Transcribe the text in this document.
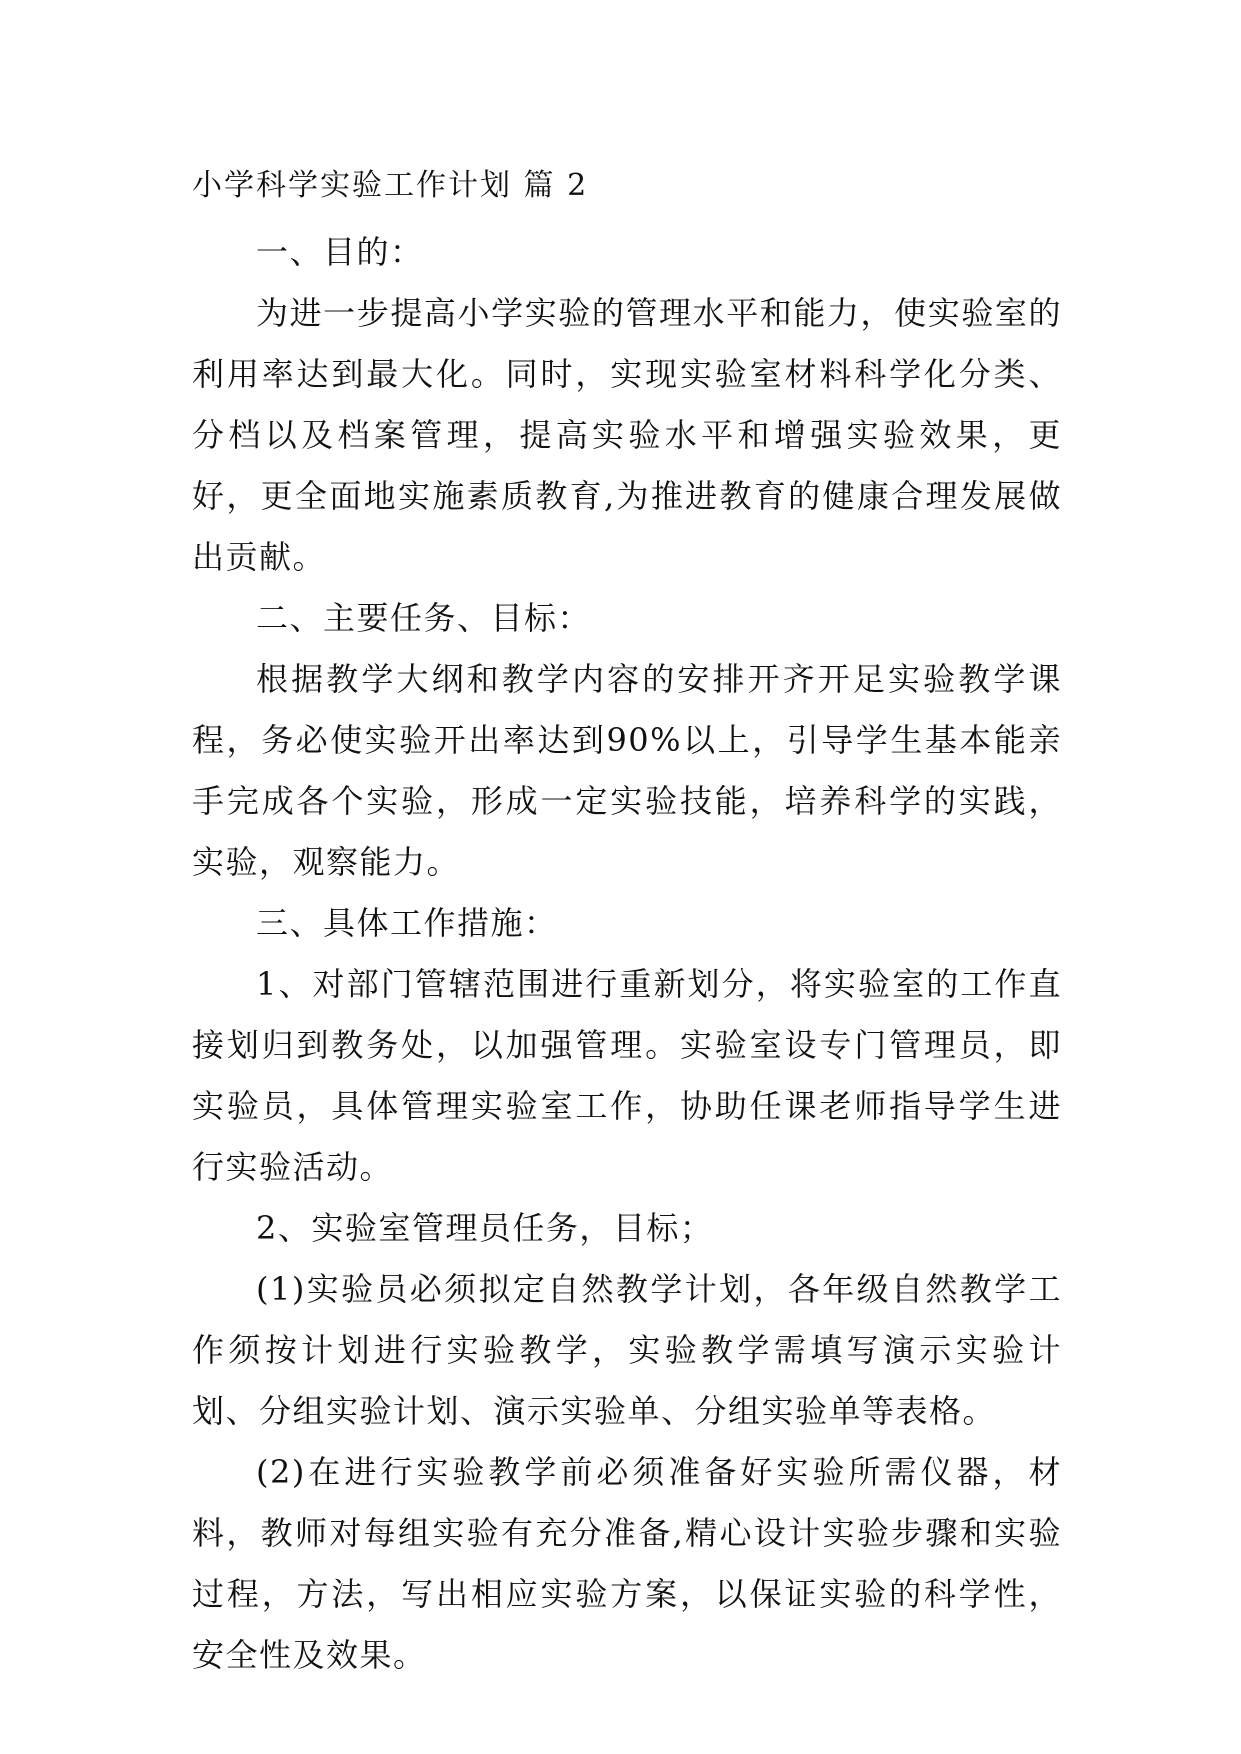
小学科学实验工作计划 篇 2

一、目的：

为进一步提高小学实验的管理水平和能力，使实验室的利用率达到最大化。同时，实现实验室材料科学化分类、分档以及档案管理，提高实验水平和增强实验效果，更好，更全面地实施素质教育,为推进教育的健康合理发展做出贡献。

二、主要任务、目标：

根据教学大纲和教学内容的安排开齐开足实验教学课程，务必使实验开出率达到90%以上，引导学生基本能亲手完成各个实验，形成一定实验技能，培养科学的实践，实验，观察能力。

三、具体工作措施：

1、对部门管辖范围进行重新划分，将实验室的工作直接划归到教务处，以加强管理。实验室设专门管理员，即实验员，具体管理实验室工作，协助任课老师指导学生进行实验活动。

2、实验室管理员任务，目标；

(1)实验员必须拟定自然教学计划，各年级自然教学工作须按计划进行实验教学，实验教学需填写演示实验计划、分组实验计划、演示实验单、分组实验单等表格。

(2)在进行实验教学前必须准备好实验所需仪器，材料，教师对每组实验有充分准备,精心设计实验步骤和实验过程，方法，写出相应实验方案，以保证实验的科学性，安全性及效果。
